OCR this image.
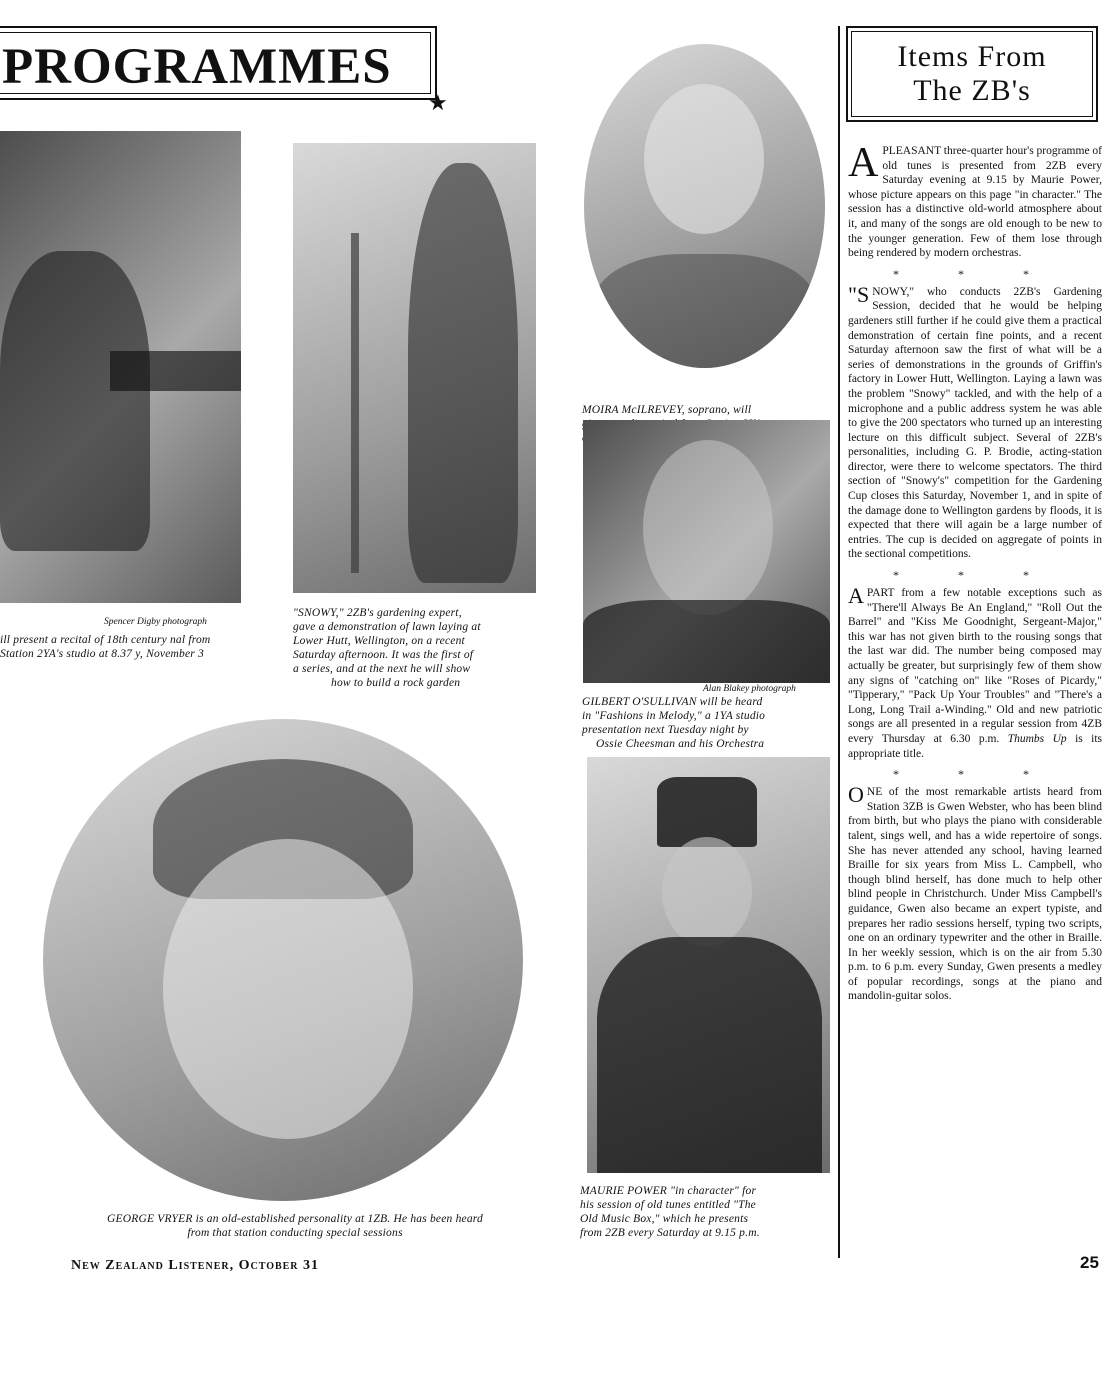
PROGRAMMES
★
Spencer Digby photograph
ill present a recital of 18th century nal from Station 2YA's studio at 8.37 y, November 3
"SNOWY," 2ZB's gardening expert,
gave a demonstration of lawn laying at
Lower Hutt, Wellington, on a recent
Saturday afternoon. It was the first of
a series, and at the next he will show
how to build a rock garden
MOIRA McILREVEY, soprano, will
Alan Blakey photograph
GILBERT O'SULLIVAN will be heard
in "Fashions in Melody," a 1YA studio
presentation next Tuesday night by
Ossie Cheesman and his Orchestra
MAURIE POWER "in character" for
his session of old tunes entitled "The
Old Music Box," which he presents
from 2ZB every Saturday at 9.15 p.m.
GEORGE VRYER is an old-established personality at 1ZB. He has been heard
from that station conducting special sessions
Items From
The ZB's

APLEASANT three-quarter hour's programme of old tunes is presented from 2ZB every Saturday evening at 9.15 by Maurie Power, whose picture appears on this page "in character." The session has a distinctive old-world atmosphere about it, and many of the songs are old enough to be new to the younger generation. Few of them lose through being rendered by modern orchestras.

* * *

"SNOWY," who conducts 2ZB's Gardening Session, decided that he would be helping gardeners still further if he could give them a practical demonstration of certain fine points, and a recent Saturday afternoon saw the first of what will be a series of demonstrations in the grounds of Griffin's factory in Lower Hutt, Wellington. Laying a lawn was the problem "Snowy" tackled, and with the help of a microphone and a public address system he was able to give the 200 spectators who turned up an interesting lecture on this difficult subject. Several of 2ZB's personalities, including G. P. Brodie, acting-station director, were there to welcome spectators. The third section of "Snowy's" competition for the Gardening Cup closes this Saturday, November 1, and in spite of the damage done to Wellington gardens by floods, it is expected that there will again be a large number of entries. The cup is decided on aggregate of points in the sectional competitions.

* * *

APART from a few notable exceptions such as "There'll Always Be An England," "Roll Out the Barrel" and "Kiss Me Goodnight, Sergeant-Major," this war has not given birth to the rousing songs that the last war did. The number being composed may actually be greater, but surprisingly few of them show any signs of "catching on" like "Roses of Picardy," "Tipperary," "Pack Up Your Troubles" and "There's a Long, Long Trail a-Winding." Old and new patriotic songs are all presented in a regular session from 4ZB every Thursday at 6.30 p.m. Thumbs Up is its appropriate title.

* * *

ONE of the most remarkable artists heard from Station 3ZB is Gwen Webster, who has been blind from birth, but who plays the piano with considerable talent, sings well, and has a wide repertoire of songs. She has never attended any school, having learned Braille for six years from Miss L. Campbell, who though blind herself, has done much to help other blind people in Christchurch. Under Miss Campbell's guidance, Gwen also became an expert typiste, and prepares her radio sessions herself, typing two scripts, one on an ordinary typewriter and the other in Braille. In her weekly session, which is on the air from 5.30 p.m. to 6 p.m. every Sunday, Gwen presents a medley of popular recordings, songs at the piano and mandolin-guitar solos.

New Zealand Listener, October 31	25
